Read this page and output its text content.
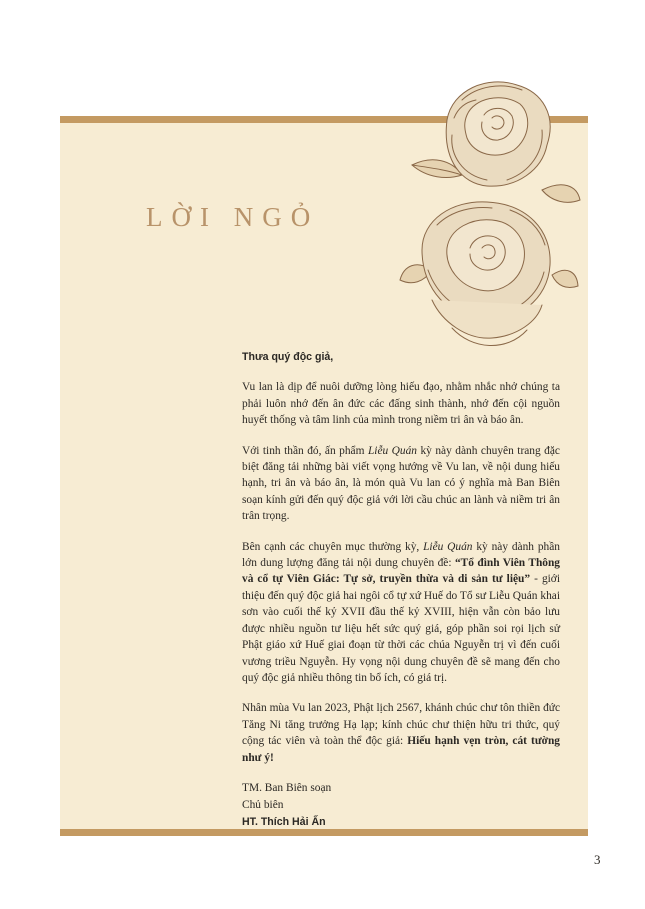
LỜI NGỎ

Thưa quý độc giả,

Vu lan là dịp để nuôi dưỡng lòng hiếu đạo, nhằm nhắc nhở chúng ta phải luôn nhớ đến ân đức các đấng sinh thành, nhớ đến cội nguồn huyết thống và tâm linh của mình trong niềm tri ân và báo ân.

Với tinh thần đó, ấn phẩm Liễu Quán kỳ này dành chuyên trang đặc biệt đăng tải những bài viết vọng hướng về Vu lan, về nội dung hiếu hạnh, tri ân và báo ân, là món quà Vu lan có ý nghĩa mà Ban Biên soạn kính gửi đến quý độc giả với lời cầu chúc an lành và niềm tri ân trân trọng.

Bên cạnh các chuyên mục thường kỳ, Liễu Quán kỳ này dành phần lớn dung lượng đăng tải nội dung chuyên đề: “Tổ đình Viên Thông và cổ tự Viên Giác: Tự sở, truyền thừa và di sản tư liệu” - giới thiệu đến quý độc giả hai ngôi cổ tự xứ Huế do Tổ sư Liễu Quán khai sơn vào cuối thế kỷ XVII đầu thế kỷ XVIII, hiện vẫn còn bảo lưu được nhiều nguồn tư liệu hết sức quý giá, góp phần soi rọi lịch sử Phật giáo xứ Huế giai đoạn từ thời các chúa Nguyễn trị vì đến cuối vương triều Nguyễn. Hy vọng nội dung chuyên đề sẽ mang đến cho quý độc giả nhiều thông tin bổ ích, có giá trị.

Nhân mùa Vu lan 2023, Phật lịch 2567, khánh chúc chư tôn thiền đức Tăng Ni tăng trưởng Hạ lạp; kính chúc chư thiện hữu tri thức, quý cộng tác viên và toàn thể độc giả: Hiếu hạnh vẹn tròn, cát tường như ý!

TM. Ban Biên soạn
Chủ biên
HT. Thích Hải Ấn
3
